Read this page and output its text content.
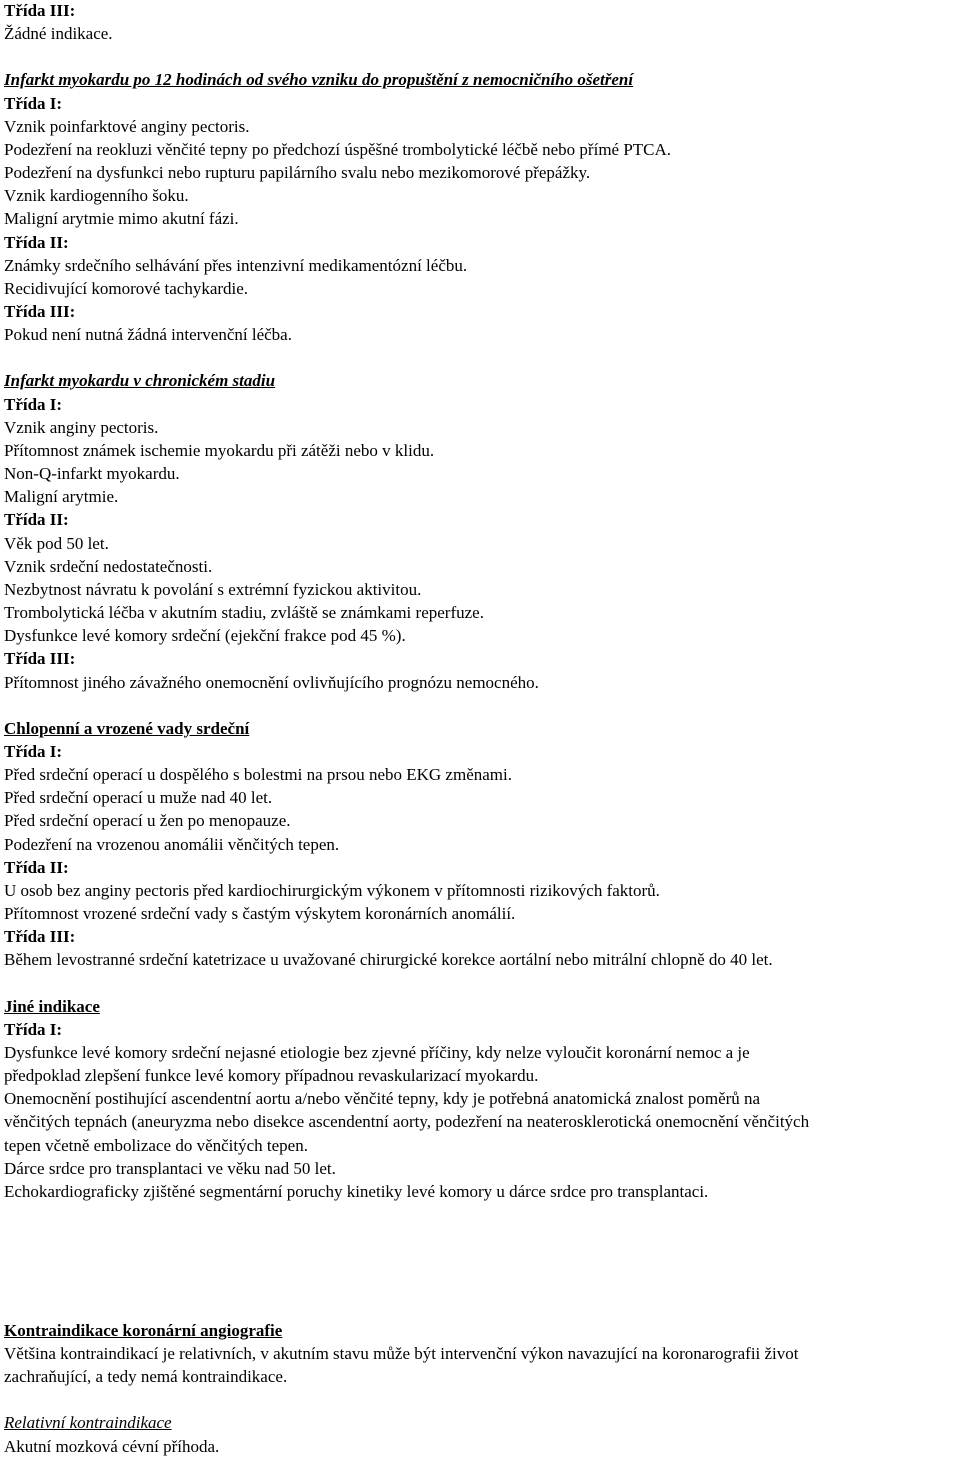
Třída III:
Žádné indikace.
Infarkt myokardu po 12 hodinách od svého vzniku do propuštění z nemocničního ošetření
Třída I:
Vznik poinfarktové anginy pectoris.
Podezření na reokluzi věnčité tepny po předchozí úspěšné trombolytické léčbě nebo přímé PTCA.
Podezření na dysfunkci nebo rupturu papilárního svalu nebo mezikomorové přepážky.
Vznik kardiogenního šoku.
Maligní arytmie mimo akutní fázi.
Třída II:
Známky srdečního selhávání přes intenzivní medikamentózní léčbu.
Recidivující komorové tachykardie.
Třída III:
Pokud není nutná žádná intervenční léčba.
Infarkt myokardu v chronickém stadiu
Třída I:
Vznik anginy pectoris.
Přítomnost známek ischemie myokardu při zátěži nebo v klidu.
Non-Q-infarkt myokardu.
Maligní arytmie.
Třída II:
Věk pod 50 let.
Vznik srdeční nedostatečnosti.
Nezbytnost návratu k povolání s extrémní fyzickou aktivitou.
Trombolytická léčba v akutním stadiu, zvláště se známkami reperfuze.
Dysfunkce levé komory srdeční (ejekční frakce pod 45 %).
Třída III:
Přítomnost jiného závažného onemocnění ovlivňujícího prognózu nemocného.
Chlopenní a vrozené vady srdeční
Třída I:
Před srdeční operací u dospělého s bolestmi na prsou nebo EKG změnami.
Před srdeční operací u muže nad 40 let.
Před srdeční operací u žen po menopauze.
Podezření na vrozenou anomálii věnčitých tepen.
Třída II:
U osob bez anginy pectoris před kardiochirurgickým výkonem v přítomnosti rizikových faktorů.
Přítomnost vrozené srdeční vady s častým výskytem koronárních anomálií.
Třída III:
Během levostranné srdeční katetrizace u uvažované chirurgické korekce aortální nebo mitrální chlopně do 40 let.
Jiné indikace
Třída I:
Dysfunkce levé komory srdeční nejasné etiologie bez zjevné příčiny, kdy nelze vyloučit koronární nemoc a je
předpoklad zlepšení funkce levé komory případnou revaskularizací myokardu.
Onemocnění postihující ascendentní aortu a/nebo věnčité tepny, kdy je potřebná anatomická znalost poměrů na
věnčitých tepnách (aneuryzma nebo disekce ascendentní aorty, podezření na neaterosklerotická onemocnění věnčitých
tepen včetně embolizace do věnčitých tepen.
Dárce srdce pro transplantaci ve věku nad 50 let.
Echokardiograficky zjištěné segmentární poruchy kinetiky levé komory u dárce srdce pro transplantaci.
Kontraindikace koronární angiografie
Většina kontraindikací je relativních, v akutním stavu může být intervenční výkon navazující na koronarografii život
zachraňující, a tedy nemá kontraindikace.
Relativní kontraindikace
Akutní mozková cévní příhoda.
